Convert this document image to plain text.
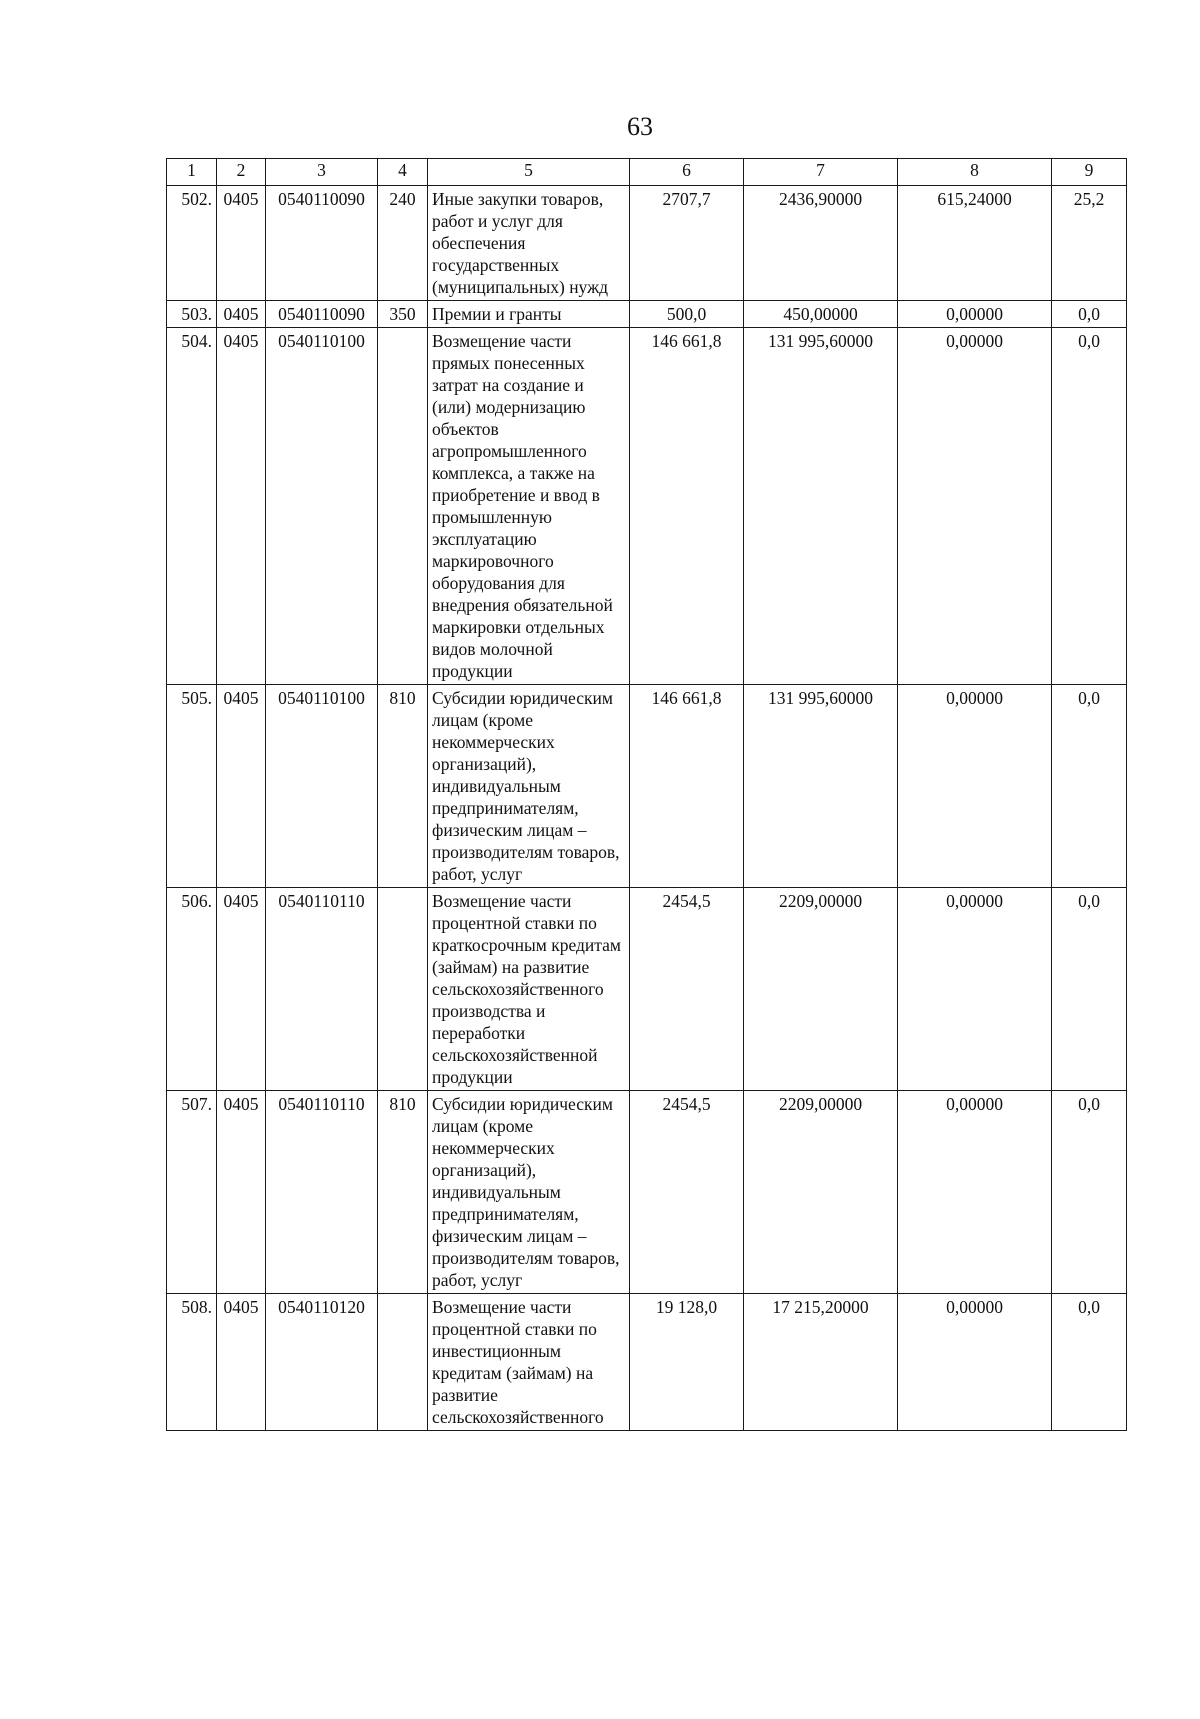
63
1	2	3	4	5	6	7	8	9
502.	0405	0540110090	240	Иные закупки товаров, работ и услуг для обеспечения государственных (муниципальных) нужд	2707,7	2436,90000	615,24000	25,2
503.	0405	0540110090	350	Премии и гранты	500,0	450,00000	0,00000	0,0
504.	0405	0540110100		Возмещение части прямых понесенных затрат на создание и (или) модернизацию объектов агропромышленного комплекса, а также на приобретение и ввод в промышленную эксплуатацию маркировочного оборудования для внедрения обязательной маркировки отдельных видов молочной продукции	146 661,8	131 995,60000	0,00000	0,0
505.	0405	0540110100	810	Субсидии юридическим лицам (кроме некоммерческих организаций), индивидуальным предпринимателям, физическим лицам – производителям товаров, работ, услуг	146 661,8	131 995,60000	0,00000	0,0
506.	0405	0540110110		Возмещение части процентной ставки по краткосрочным кредитам (займам) на развитие сельскохозяйственного производства и переработки сельскохозяйственной продукции	2454,5	2209,00000	0,00000	0,0
507.	0405	0540110110	810	Субсидии юридическим лицам (кроме некоммерческих организаций), индивидуальным предпринимателям, физическим лицам – производителям товаров, работ, услуг	2454,5	2209,00000	0,00000	0,0
508.	0405	0540110120		Возмещение части процентной ставки по инвестиционным кредитам (займам) на развитие сельскохозяйственного	19 128,0	17 215,20000	0,00000	0,0
